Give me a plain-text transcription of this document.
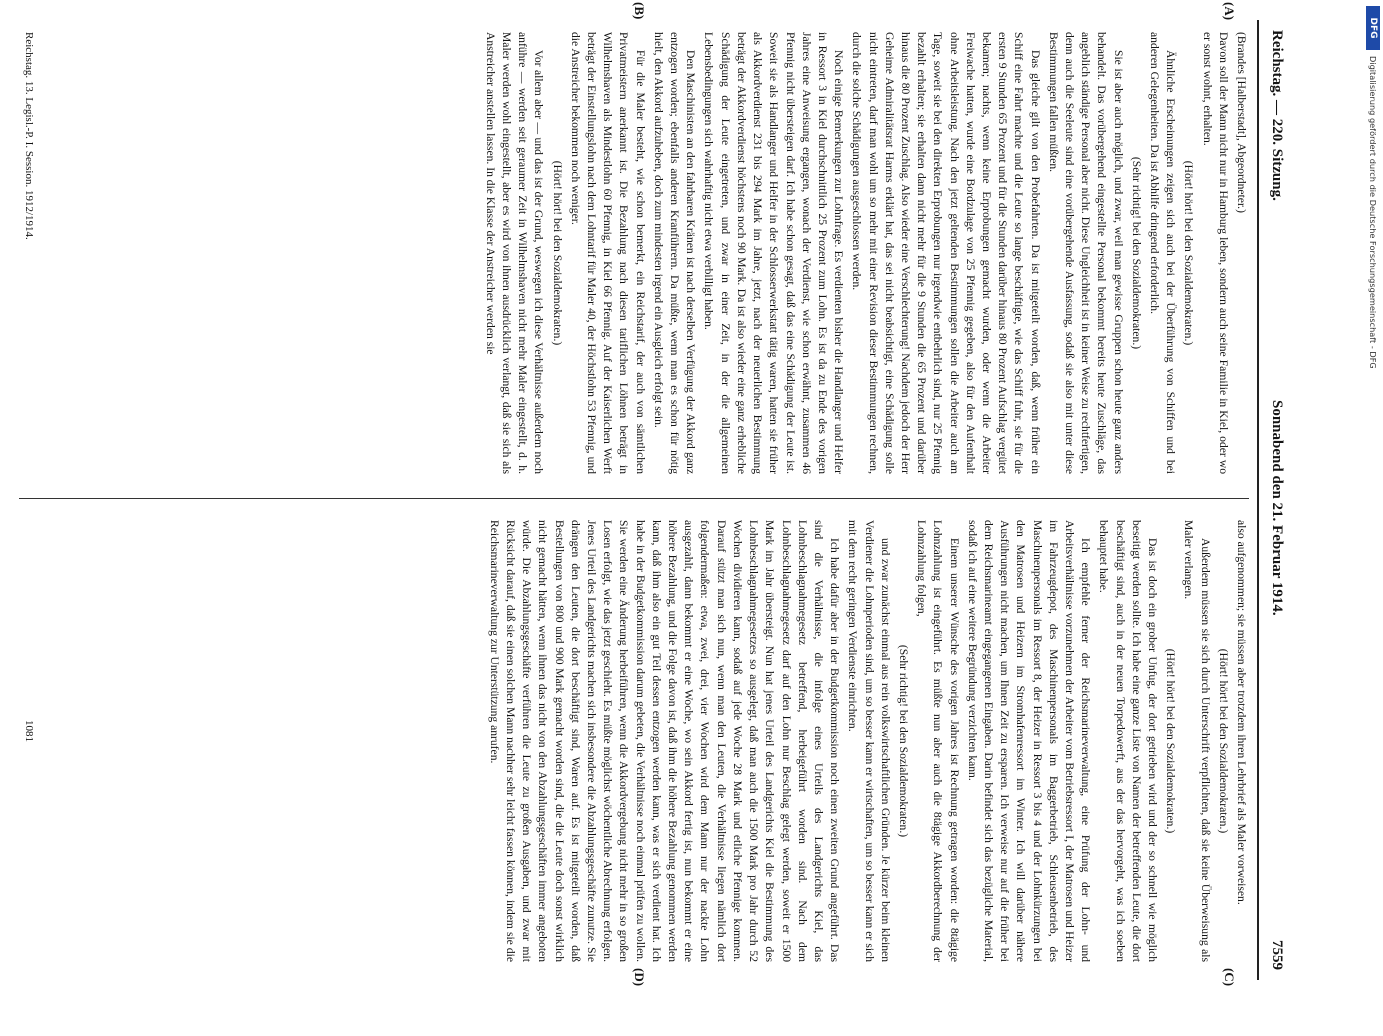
Reichstag. — 220. Sitzung.
Sonnabend den 21. Februar 1914.
7559
(A)
(B)
(C)
(D)

(Brandes [Halberstadt], Abgeordneter.)

Davon soll der Mann nicht nur in Hamburg leben, sondern auch seine Familie in Kiel, oder wo er sonst wohnt, erhalten.

(Hört! hört! bei den Sozialdemokraten.)

Ähnliche Erscheinungen zeigen sich auch bei der Überführung von Schiffen und bei anderen Gelegenheiten. Da ist Abhilfe dringend erforderlich.

(Sehr richtig! bei den Sozialdemokraten.)

Sie ist aber auch möglich, und zwar, weil man gewisse Gruppen schon heute ganz anders behandelt. Das vorübergehend eingestellte Personal bekommt bereits heute Zuschläge, das angeblich ständige Personal aber nicht. Diese Ungleichheit ist in keiner Weise zu rechtfertigen, denn auch die Seeleute sind eine vorübergehende Ausfassung, sodaß sie also mit unter diese Bestimmungen fallen müßten.

Das gleiche gilt von den Probefahrten. Da ist mitgeteilt worden, daß, wenn früher ein Schiff eine Fahrt machte und die Leute so lange beschäftigte, wie das Schiff fuhr, sie für die ersten 9 Stunden 65 Prozent und für die Stunden darüber hinaus 80 Prozent Aufschlag vergütet bekamen; nachts, wenn keine Erprobungen gemacht wurden, oder wenn die Arbeiter Freiwache hatten, wurde eine Bordzulage von 25 Pfennig gegeben, also für den Aufenthalt ohne Arbeitsleistung. Nach den jetzt geltenden Bestimmungen sollen die Arbeiter auch am Tage, soweit sie bei den direkten Erprobungen nur irgendwie entbehrlich sind, nur 25 Pfennig bezahlt erhalten; sie erhalten dann nicht mehr für die 9 Stunden die 65 Prozent und darüber hinaus die 80 Prozent Zuschlag. Also wieder eine Verschlechterung! Nachdem jedoch der Herr Geheime Admiralitätsrat Harms erklärt hat, das sei nicht beabsichtigt, eine Schädigung solle nicht eintreten, darf man wohl um so mehr mit einer Revision dieser Bestimmungen rechnen, durch die solche Schädigungen ausgeschlossen werden.

Noch einige Bemerkungen zur Lohnfrage. Es verdienten bisher die Handlanger und Helfer in Ressort 3 in Kiel durchschnittlich 25 Prozent zum Lohn. Es ist da zu Ende des vorigen Jahres eine Anweisung ergangen, wonach der Verdienst, wie schon erwähnt, zusammen 46 Pfennig nicht übersteigen darf. Ich habe schon gesagt, daß das eine Schädigung der Leute ist. Soweit sie als Handlanger und Helfer in der Schlosserwerkstatt tätig waren, hatten sie früher als Akkordverdienst 231 bis 294 Mark im Jahre, jetzt, nach der neuerlichen Bestimmung beträgt der Akkordverdienst höchstens noch 90 Mark. Da ist also wieder eine ganz erhebliche Schädigung der Leute eingetreten, und zwar in einer Zeit, in der die allgemeinen Lebensbedingungen sich wahrhaftig nicht etwa verbilligt haben.

Den Maschinisten an den fahrbaren Kränen ist nach derselben Verfügung der Akkord ganz entzogen worden; ebenfalls anderen Kranführern. Da müßte, wenn man es schon für nötig hielt, den Akkord aufzuheben, doch zum mindesten irgend ein Ausgleich erfolgt sein.

Für die Maler besteht, wie schon bemerkt, ein Reichstarif, der auch von sämtlichen Privatmeistern anerkannt ist. Die Bezahlung nach diesen tariflichen Löhnen beträgt in Wilhelmshaven als Mindestlohn 60 Pfennig, in Kiel 66 Pfennig. Auf der Kaiserlichen Werft beträgt der Einstellungslohn nach dem Lohntarif für Maler 40, der Höchstlohn 53 Pfennig, und die Anstreicher bekommen noch weniger.

(Hört! hört! bei den Sozialdemokraten.)

Vor allem aber — und das ist der Grund, weswegen ich diese Verhältnisse außerdem noch anführe — werden seit geraumer Zeit in Wilhelmshaven nicht mehr Maler eingestellt, d. h. Maler werden wohl eingestellt, aber es wird von ihnen ausdrücklich verlangt, daß sie sich als Anstreicher anstellen lassen. In die Klasse der Anstreicher werden sie

also aufgenommen; sie müssen aber trotzdem ihren Lehrbrief als Maler vorweisen.

(Hört! hört! bei den Sozialdemokraten.)

Außerdem müssen sie sich durch Unterschrift verpflichten, daß sie keine Überweisung als Maler verlangen.

(Hört! hört! bei den Sozialdemokraten.)

Das ist doch ein grober Unfug, der dort getrieben wird und der so schnell wie möglich beseitigt werden sollte. Ich habe eine ganze Liste von Namen der betreffenden Leute, die dort beschäftigt sind, auch in der neuen Torpedowerft, aus der das hervorgeht, was ich soeben behauptet habe.

Ich empfehle ferner der Reichsmarineverwaltung, eine Prüfung der Lohn- und Arbeitsverhältnisse vorzunehmen der Arbeiter vom Betriebsressort I, der Matrosen und Heizer im Fahrzeugdepot, des Maschinenpersonals im Baggerbetrieb, Schleusenbetrieb, des Maschinenpersonals im Ressort 8, der Heizer in Ressort 3 bis 4 und der Lohnkürzungen bei den Matrosen und Heizern im Stromhafenressort im Winter. Ich will darüber nähere Ausführungen nicht machen, um Ihnen Zeit zu ersparen. Ich verweise nur auf die früher bei dem Reichsmarineamt eingegangenen Eingaben. Darin befindet sich das bezügliche Material, sodaß ich auf eine weitere Begründung verzichten kann.

Einem unserer Wünsche des vorigen Jahres ist Rechnung getragen worden: die 8tägige Lohnzahlung ist eingeführt. Es müßte nun aber auch die 8tägige Akkordberechnung der Lohnzahlung folgen,

(Sehr richtig! bei den Sozialdemokraten.)

und zwar zunächst einmal aus rein volkswirtschaftlichen Gründen. Je kürzer beim kleinen Verdiener die Lohnperioden sind, um so besser kann er wirtschaften, um so besser kann er sich mit dem recht geringen Verdienste einrichten.

Ich habe dafür aber in der Budgetkommission noch einen zweiten Grund angeführt. Das sind die Verhältnisse, die infolge eines Urteils des Landgerichts Kiel, das Lohnbeschlagnahmegesetz betreffend, herbeigeführt worden sind. Nach dem Lohnbeschlagnahmegesetz darf auf den Lohn nur Beschlag gelegt werden, soweit er 1500 Mark im Jahr übersteigt. Nun hat jenes Urteil des Landgerichts Kiel die Bestimmung des Lohnbeschlagnahmegesetzes so ausgelegt, daß man auch die 1500 Mark pro Jahr durch 52 Wochen dividieren kann, sodaß auf jede Woche 28 Mark und etliche Pfennige kommen. Darauf stützt man sich nun, wenn man den Leuten, die Verhältnisse liegen nämlich dort folgendermaßen: etwa, zwei, drei, vier Wochen wird dem Mann nur der nackte Lohn ausgezahlt, dann bekommt er eine Woche, wo sein Akkord fertig ist, nun bekommt er eine höhere Bezahlung, und die Folge davon ist, daß ihm die höhere Bezahlung genommen werden kann, daß ihm also ein gut Teil dessen entzogen werden kann, was er sich verdient hat. Ich habe in der Budgetkommission darum gebeten, die Verhältnisse noch einmal prüfen zu wollen. Sie werden eine Änderung herbeiführen, wenn die Akkordvergebung nicht mehr in so großen Losen erfolgt, wie das jetzt geschieht. Es müßte möglichst wöchentliche Abrechnung erfolgen. Jenes Urteil des Landgerichts machen sich insbesondere die Abzahlungsgeschäfte zunutze. Sie drängen den Leuten, die dort beschäftigt sind, Waren auf. Es ist mitgeteilt worden, daß Bestellungen von 800 und 900 Mark gemacht worden sind, die die Leute doch sonst wirklich nicht gemacht hätten, wenn ihnen das nicht von den Abzahlungsgeschäften immer angeboten würde. Die Abzahlungsgeschäfte verführen die Leute zu großen Ausgaben, und zwar mit Rücksicht darauf, daß sie einen solchen Mann nachher sehr leicht fassen können, indem sie die Reichsmarineverwaltung zur Unterstützung anrufen.

Reichstag. 13. Legisl.-P. I. Session. 1912/1914.
1081
DFG
Digitalisierung gefördert durch die Deutsche Forschungsgemeinschaft - DFG
